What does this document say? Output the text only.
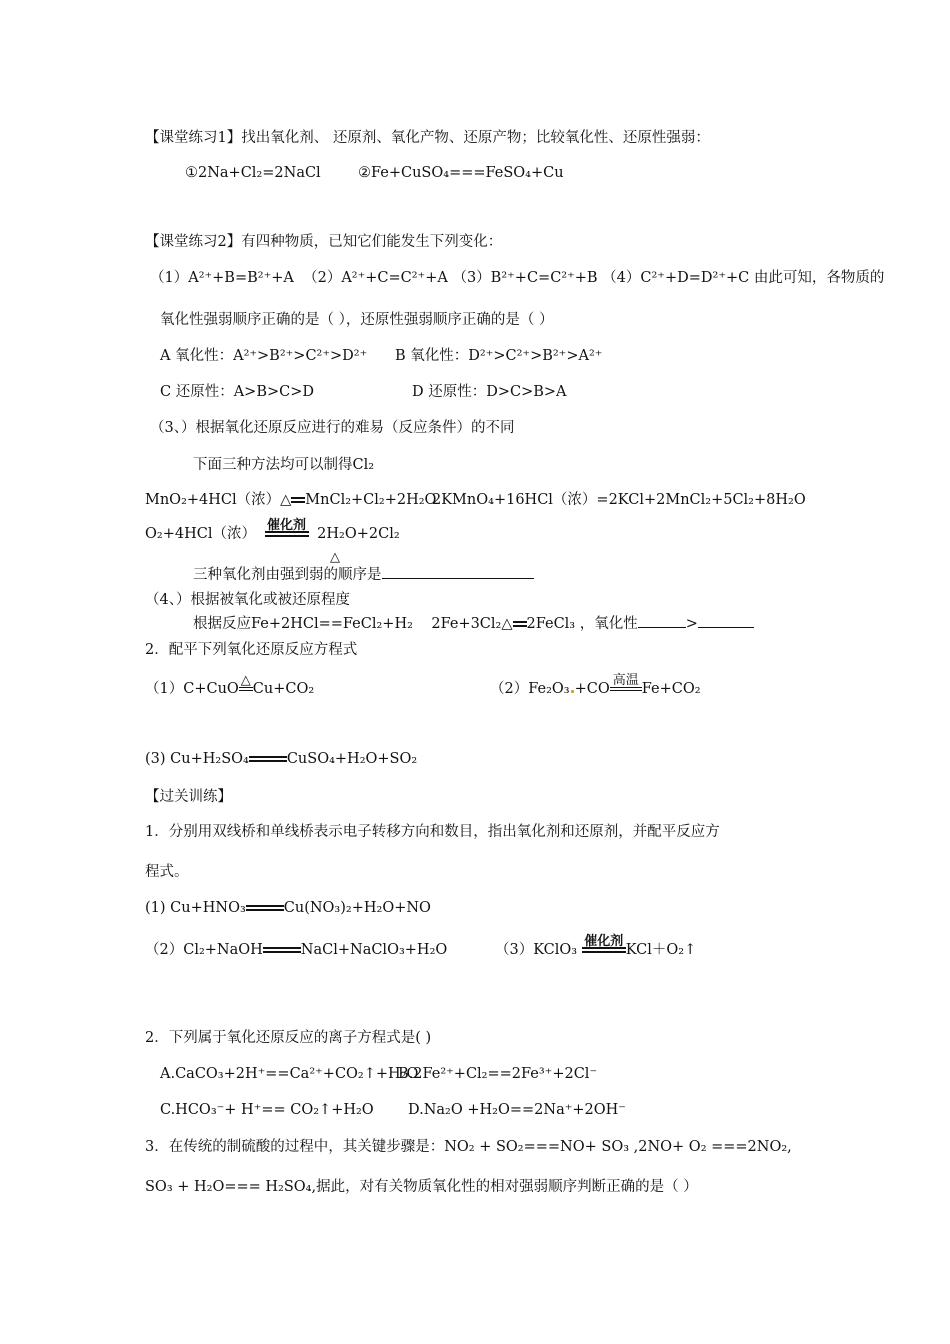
【课堂练习1】找出氧化剂、 还原剂、氧化产物、还原产物；比较氧化性、还原性强弱：
①2Na+Cl₂=2NaCl	②Fe+CuSO₄===FeSO₄+Cu
【课堂练习2】有四种物质，已知它们能发生下列变化：
（1）A²⁺+B=B²⁺+A （2）A²⁺+C=C²⁺+A （3）B²⁺+C=C²⁺+B （4）C²⁺+D=D²⁺+C 由此可知，各物质的
氧化性强弱顺序正确的是（ ），还原性强弱顺序正确的是（ ）
A 氧化性：A²⁺>B²⁺>C²⁺>D²⁺ B 氧化性：D²⁺>C²⁺>B²⁺>A²⁺
C 还原性：A>B>C>D	D 还原性：D>C>B>A
（3、）根据氧化还原反应进行的难易（反应条件）的不同
下面三种方法均可以制得Cl₂
MnO₂+4HCl（浓）△ MnCl₂+Cl₂+2H₂O
2KMnO₄+16HCl（浓）=2KCl+2MnCl₂+5Cl₂+8H₂O
O₂+4HCl（浓）
催化剂
2H₂O+2Cl₂
三种氧化剂由强到弱的顺序是
△
（4、）根据被氧化或被还原程度
根据反应Fe+2HCl==FeCl₂+H₂ 2Fe+3Cl₂△ 2FeCl₃ ，氧化性	>
2．配平下列氧化还原反应方程式
（1）C+CuO
△
Cu+CO₂	（2）Fe₂O₃ +CO
高温
Fe+CO₂
(3) Cu+H₂SO₄	CuSO₄+H₂O+SO₂
【过关训练】
1．分别用双线桥和单线桥表示电子转移方向和数目，指出氧化剂和还原剂，并配平反应方
程式。
(1) Cu+HNO₃	Cu(NO₃)₂+H₂O+NO
（2）Cl₂+NaOH	NaCl+NaClO₃+H₂O	（3）KClO₃
催化剂
KCl＋O₂↑
2．下列属于氧化还原反应的离子方程式是( )
A.CaCO₃+2H⁺==Ca²⁺+CO₂↑+H₂O
B.2Fe²⁺+Cl₂==2Fe³⁺+2Cl⁻
C.HCO₃⁻+ H⁺== CO₂↑+H₂O D.Na₂O +H₂O==2Na⁺+2OH⁻
3．在传统的制硫酸的过程中，其关键步骤是：NO₂ + SO₂===NO+ SO₃ ,2NO+ O₂ ===2NO₂,
SO₃ + H₂O=== H₂SO₄,据此，对有关物质氧化性的相对强弱顺序判断正确的是（ ）
